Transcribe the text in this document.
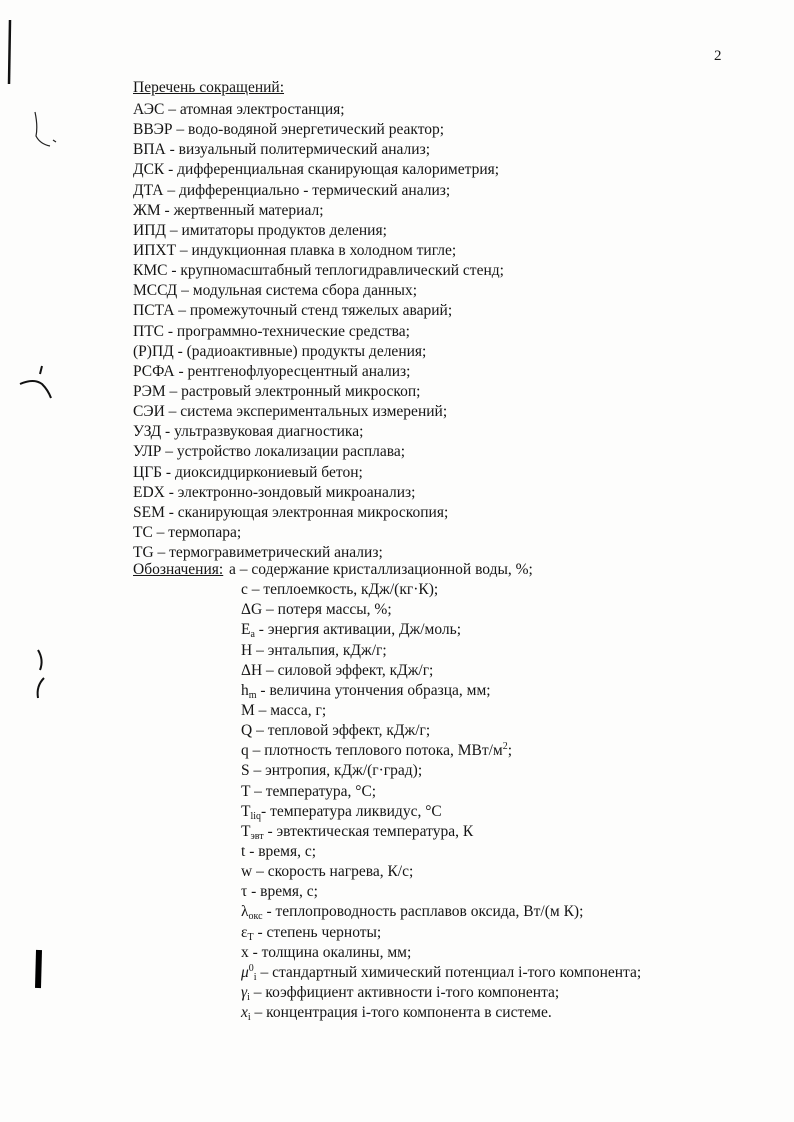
2
Перечень сокращений:
АЭС – атомная электростанция;
ВВЭР – водо-водяной энергетический реактор;
ВПА - визуальный политермический анализ;
ДСК - дифференциальная сканирующая калориметрия;
ДТА – дифференциально - термический анализ;
ЖМ - жертвенный материал;
ИПД – имитаторы продуктов деления;
ИПХТ – индукционная плавка в холодном тигле;
КМС - крупномасштабный теплогидравлический стенд;
МССД – модульная система сбора данных;
ПСТА – промежуточный стенд тяжелых аварий;
ПТС - программно-технические средства;
(Р)ПД - (радиоактивные) продукты деления;
РСФА - рентгенофлуоресцентный анализ;
РЭМ – растровый электронный микроскоп;
СЭИ – система экспериментальных измерений;
УЗД - ультразвуковая диагностика;
УЛР – устройство локализации расплава;
ЦГБ - диоксидциркониевый бетон;
EDX - электронно-зондовый микроанализ;
SEM - сканирующая электронная микроскопия;
TC – термопара;
TG – термогравиметрический анализ;
Обозначения: a – содержание кристаллизационной воды, %;
c – теплоемкость, кДж/(кг·К);
ΔG – потеря массы, %;
$E_a$ - энергия активации, Дж/моль;
H – энтальпия, кДж/г;
ΔH – силовой эффект, кДж/г;
$h_m$ - величина утончения образца, мм;
M – масса, г;
Q – тепловой эффект, кДж/г;
q – плотность теплового потока, МВт/$м^2$;
S – энтропия, кДж/(г·град);
T – температура, °С;
$T_{liq}-$ температура ликвидус, °С
$T_{эвт}$ - эвтектическая температура, К
t - время, с;
w – скорость нагрева, К/с;
τ - время, с;
$\lambda_{окс}$ - теплопроводность расплавов оксида, Вт/(м К);
$\varepsilon_T$ - степень черноты;
x - толщина окалины, мм;
$\mu^0_i$ – стандартный химический потенциал i-того компонента;
$\gamma_i$ – коэффициент активности i-того компонента;
$x_i$ – концентрация i-того компонента в системе.
